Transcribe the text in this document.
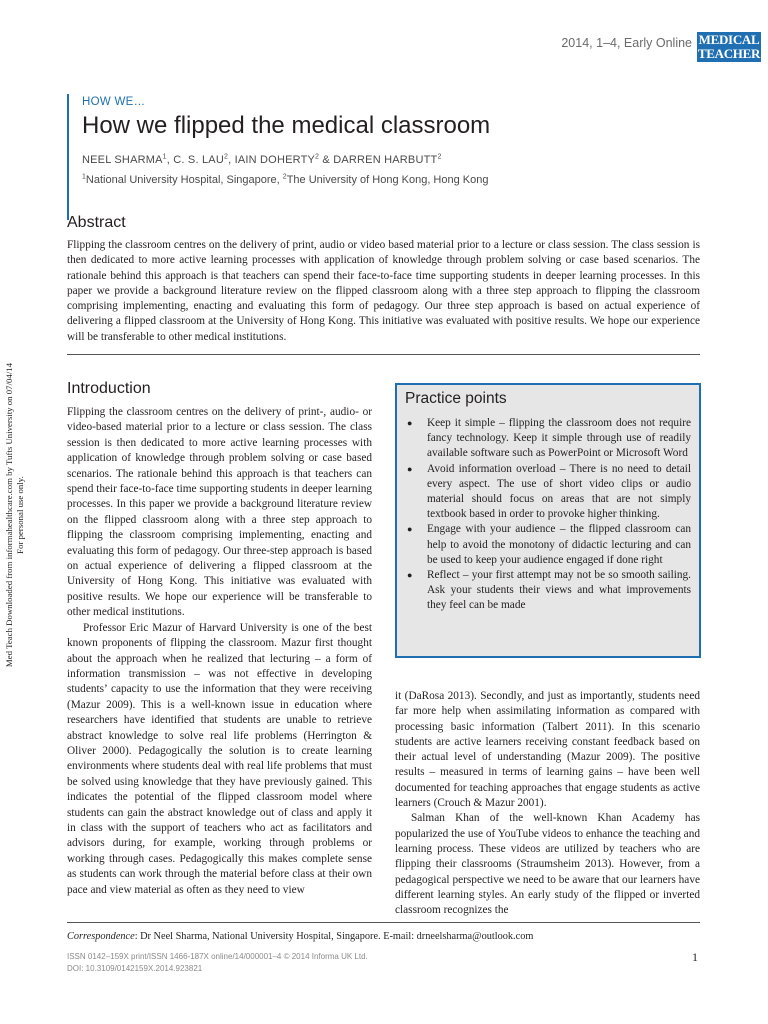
2014, 1–4, Early Online MEDICAL
TEACHER
HOW WE…
How we flipped the medical classroom
NEEL SHARMA$^1$, C. S. LAU$^2$, IAIN DOHERTY$^2$ & DARREN HARBUTT$^2$
$^1$National University Hospital, Singapore, $^2$The University of Hong Kong, Hong Kong
Abstract
Flipping the classroom centres on the delivery of print, audio or video based material prior to a lecture or class session. The class session is then dedicated to more active learning processes with application of knowledge through problem solving or case based scenarios. The rationale behind this approach is that teachers can spend their face-to-face time supporting students in deeper learning processes. In this paper we provide a background literature review on the flipped classroom along with a three step approach to flipping the classroom comprising implementing, enacting and evaluating this form of pedagogy. Our three step approach is based on actual experience of delivering a flipped classroom at the University of Hong Kong. This initiative was evaluated with positive results. We hope our experience will be transferable to other medical institutions.
Introduction

Flipping the classroom centres on the delivery of print-, audio- or video-based material prior to a lecture or class session. The class session is then dedicated to more active learning processes with application of knowledge through problem solving or case based scenarios. The rationale behind this approach is that teachers can spend their face-to-face time supporting students in deeper learning processes. In this paper we provide a background literature review on the flipped classroom along with a three step approach to flipping the classroom comprising implementing, enacting and evaluating this form of pedagogy. Our three-step approach is based on actual experience of delivering a flipped classroom at the University of Hong Kong. This initiative was evaluated with positive results. We hope our experience will be transferable to other medical institutions.

Professor Eric Mazur of Harvard University is one of the best known proponents of flipping the classroom. Mazur first thought about the approach when he realized that lecturing – a form of information transmission – was not effective in developing students’ capacity to use the information that they were receiving (Mazur 2009). This is a well-known issue in education where researchers have identified that students are unable to retrieve abstract knowledge to solve real life problems (Herrington & Oliver 2000). Pedagogically the solution is to create learning environments where students deal with real life problems that must be solved using knowledge that they have previously gained. This indicates the potential of the flipped classroom model where students can gain the abstract knowledge out of class and apply it in class with the support of teachers who act as facilitators and advisors during, for example, working through problems or working through cases. Pedagogically this makes complete sense as students can work through the material before class at their own pace and view material as often as they need to view

Practice points
● Keep it simple – flipping the classroom does not require fancy technology. Keep it simple through use of readily available software such as PowerPoint or Microsoft Word
● Avoid information overload – There is no need to detail every aspect. The use of short video clips or audio material should focus on areas that are not simply textbook based in order to provoke higher thinking.
● Engage with your audience – the flipped classroom can help to avoid the monotony of didactic lecturing and can be used to keep your audience engaged if done right
● Reflect – your first attempt may not be so smooth sailing. Ask your students their views and what improvements they feel can be made

it (DaRosa 2013). Secondly, and just as importantly, students need far more help when assimilating information as compared with processing basic information (Talbert 2011). In this scenario students are active learners receiving constant feedback based on their actual level of understanding (Mazur 2009). The positive results – measured in terms of learning gains – have been well documented for teaching approaches that engage students as active learners (Crouch & Mazur 2001).

Salman Khan of the well-known Khan Academy has popularized the use of YouTube videos to enhance the teaching and learning process. These videos are utilized by teachers who are flipping their classrooms (Straumsheim 2013). However, from a pedagogical perspective we need to be aware that our learners have different learning styles. An early study of the flipped or inverted classroom recognizes the

Correspondence: Dr Neel Sharma, National University Hospital, Singapore. E-mail: drneelsharma@outlook.com
ISSN 0142–159X print/ISSN 1466-187X online/14/000001–4 © 2014 Informa UK Ltd.
DOI: 10.3109/0142159X.2014.923821
1
Med Teach Downloaded from informahealthcare.com by Tufts University on 07/04/14 For personal use only.
